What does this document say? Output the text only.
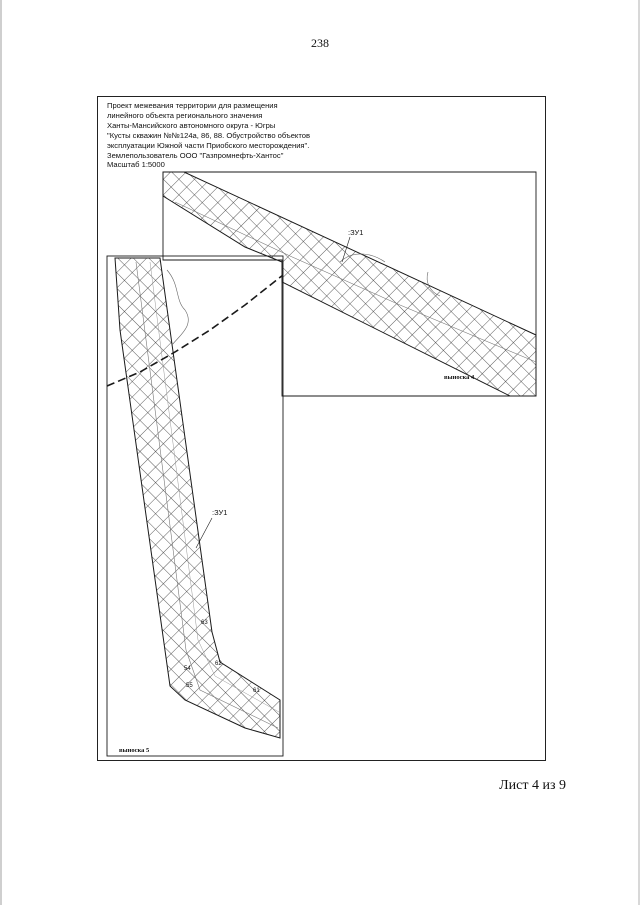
238
Проект межевания территории для размещения
линейного объекта регионального значения
Ханты-Мансийского автономного округа - Югры
"Кусты скважин №№124а, 86, 88. Обустройство объектов
эксплуатации Южной части Приобского месторождения".
Землепользователь ООО "Газпромнефть-Хантос"
Масштаб 1:5000
:ЗУ1
:ЗУ1
63
54
62
55
61
выноска 4
выноска 5
Лист 4 из 9
